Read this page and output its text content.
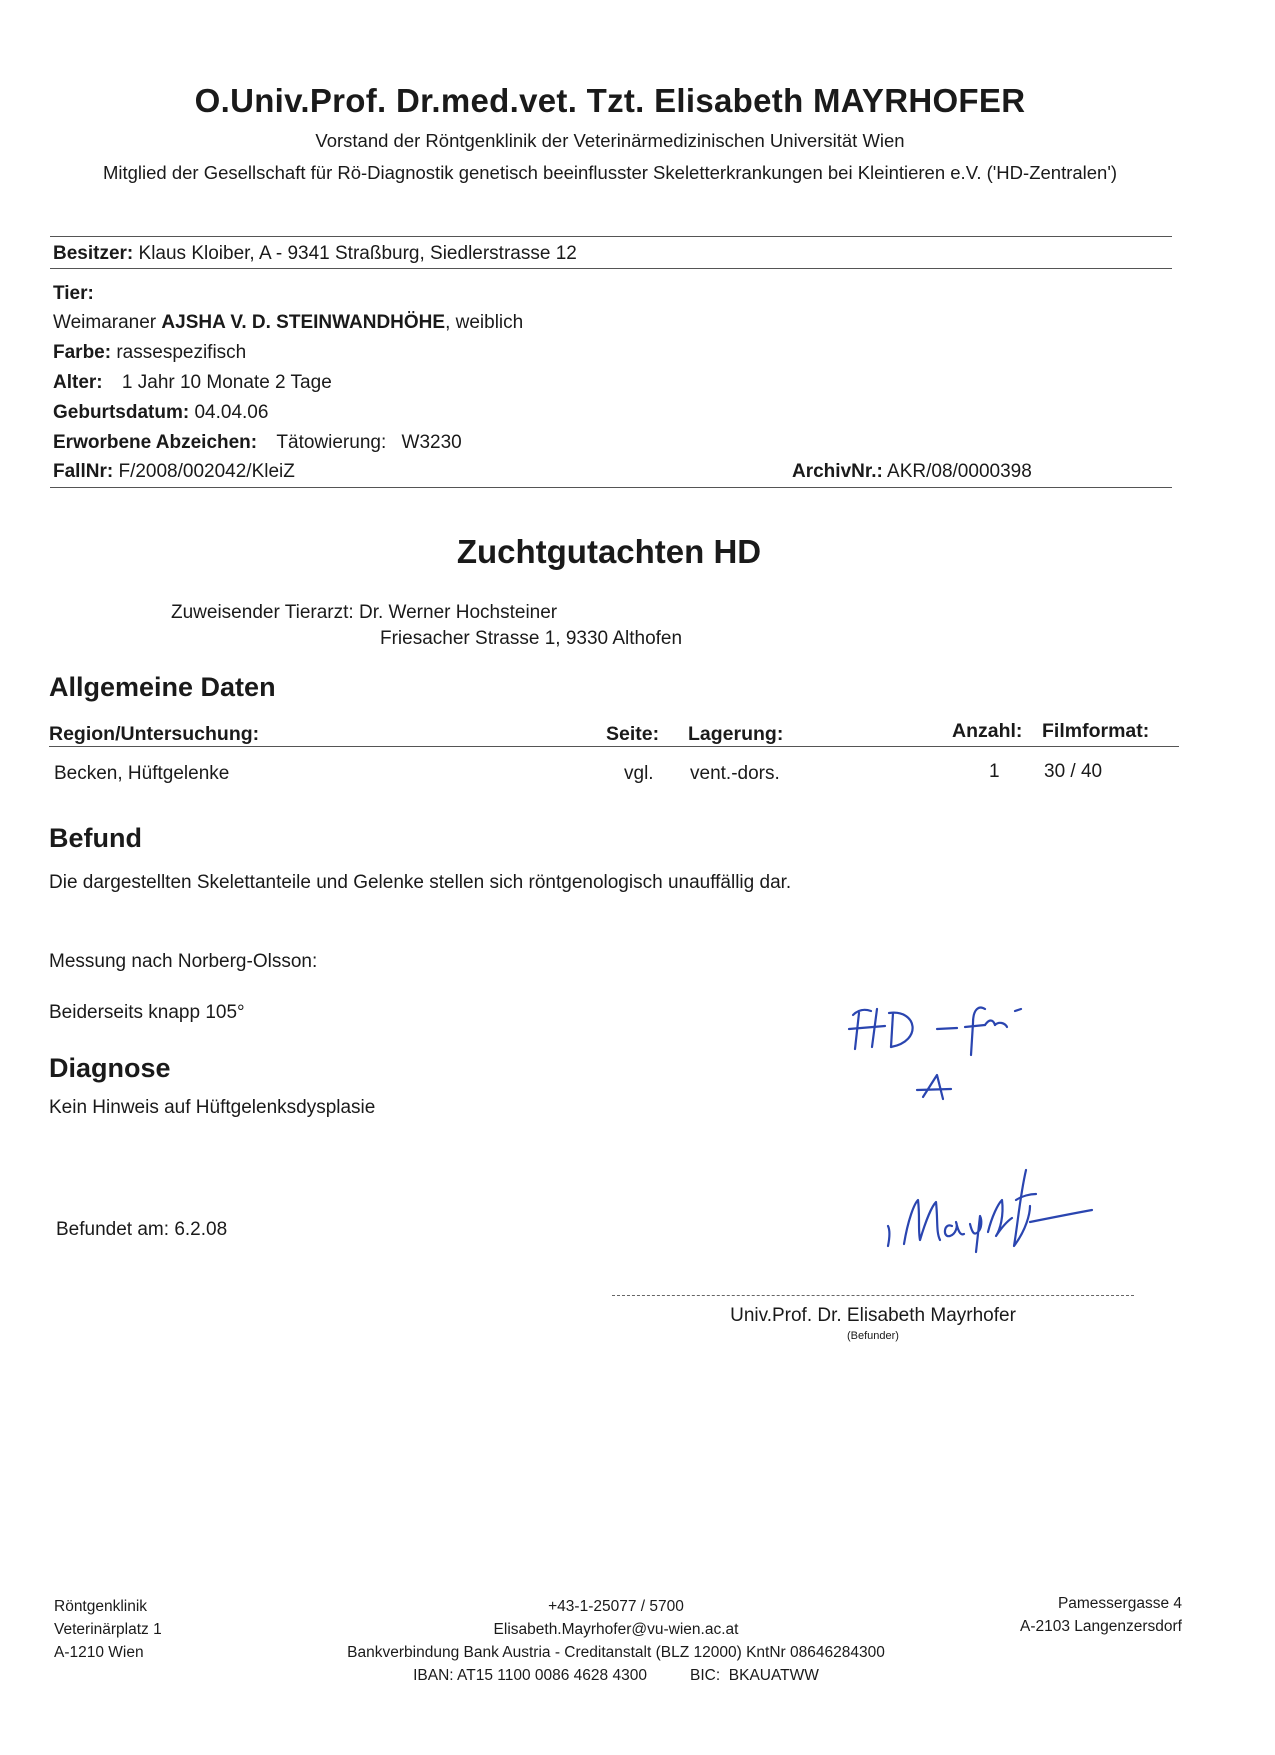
O.Univ.Prof. Dr.med.vet. Tzt. Elisabeth MAYRHOFER
Vorstand der Röntgenklinik der Veterinärmedizinischen Universität Wien
Mitglied der Gesellschaft für Rö-Diagnostik genetisch beeinflusster Skeletterkrankungen bei Kleintieren e.V. ('HD-Zentralen')
Besitzer: Klaus Kloiber, A - 9341 Straßburg, Siedlerstrasse 12
Tier:
Weimaraner AJSHA V. D. STEINWANDHÖHE, weiblich
Farbe: rassespezifisch
Alter: 1 Jahr 10 Monate 2 Tage
Geburtsdatum: 04.04.06
Erworbene Abzeichen: Tätowierung: W3230
FallNr: F/2008/002042/KleiZ	ArchivNr.: AKR/08/0000398
Zuchtgutachten HD
Zuweisender Tierarzt: Dr. Werner Hochsteiner
Friesacher Strasse 1, 9330 Althofen
Allgemeine Daten
Region/Untersuchung:	Seite: Lagerung:	Anzahl: Filmformat:
Becken, Hüftgelenke	vgl. vent.-dors.	1 30 / 40
Befund
Die dargestellten Skelettanteile und Gelenke stellen sich röntgenologisch unauffällig dar.
Messung nach Norberg-Olsson:
Beiderseits knapp 105°
Diagnose
Kein Hinweis auf Hüftgelenksdysplasie
Befundet am: 6.2.08
Univ.Prof. Dr. Elisabeth Mayrhofer
(Befunder)
Röntgenklinik
Veterinärplatz 1
A-1210 Wien
+43-1-25077 / 5700
Elisabeth.Mayrhofer@vu-wien.ac.at
Bankverbindung Bank Austria - Creditanstalt (BLZ 12000) KntNr 08646284300
IBAN: AT15 1100 0086 4628 4300          BIC:  BKAUATWW
Pamessergasse 4
A-2103 Langenzersdorf
